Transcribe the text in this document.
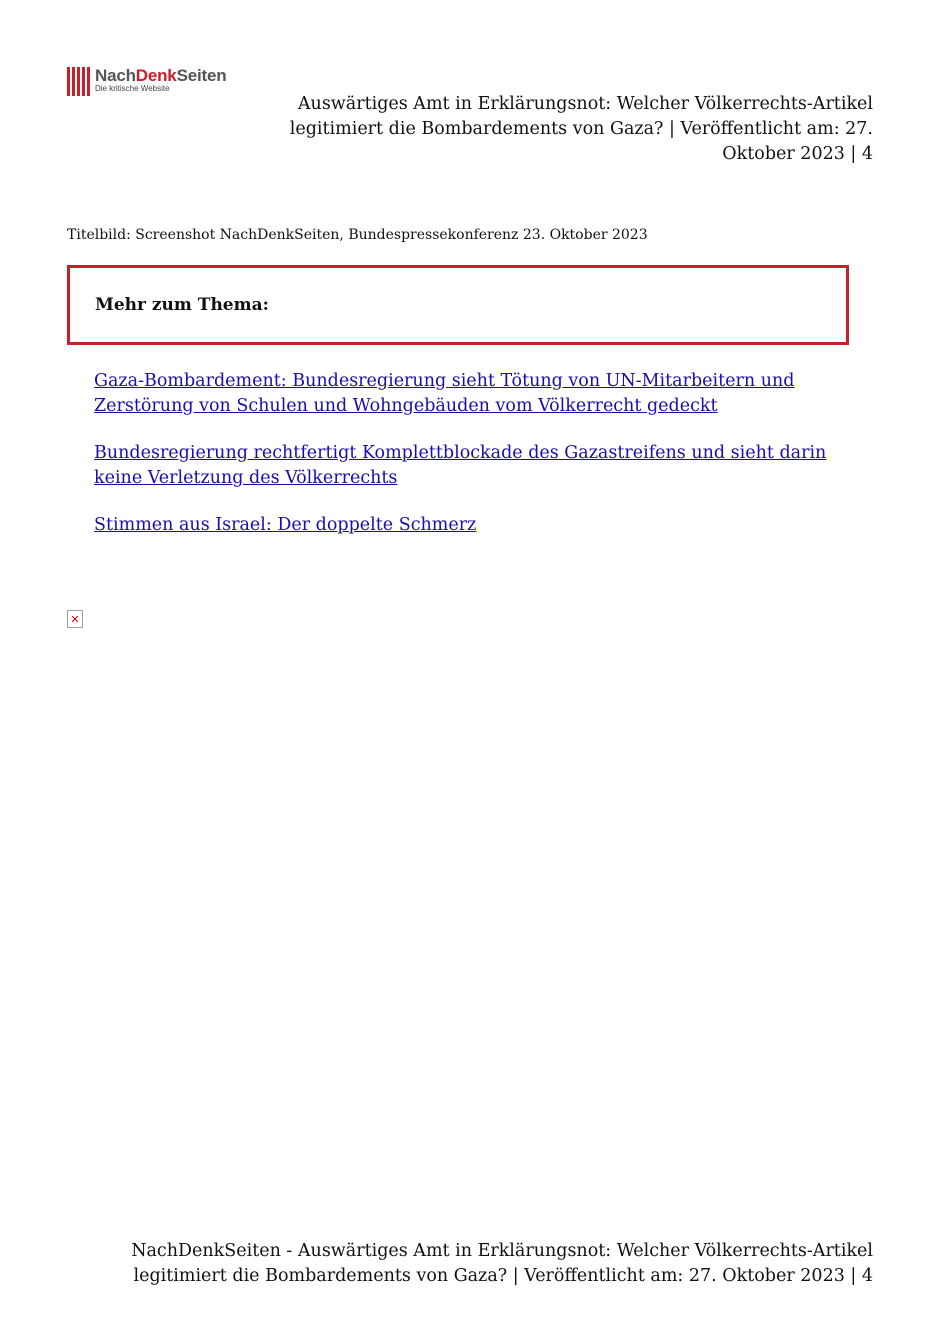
NachDenkSeiten
Die kritische Website
Auswärtiges Amt in Erklärungsnot: Welcher Völkerrechts-Artikel legitimiert die Bombardements von Gaza? | Veröffentlicht am: 27. Oktober 2023 | 4
Titelbild: Screenshot NachDenkSeiten, Bundespressekonferenz 23. Oktober 2023
Mehr zum Thema:
Gaza-Bombardement: Bundesregierung sieht Tötung von UN-Mitarbeitern und Zerstörung von Schulen und Wohngebäuden vom Völkerrecht gedeckt
Bundesregierung rechtfertigt Komplettblockade des Gazastreifens und sieht darin keine Verletzung des Völkerrechts
Stimmen aus Israel: Der doppelte Schmerz
✕
NachDenkSeiten - Auswärtiges Amt in Erklärungsnot: Welcher Völkerrechts-Artikel legitimiert die Bombardements von Gaza? | Veröffentlicht am: 27. Oktober 2023 | 4
